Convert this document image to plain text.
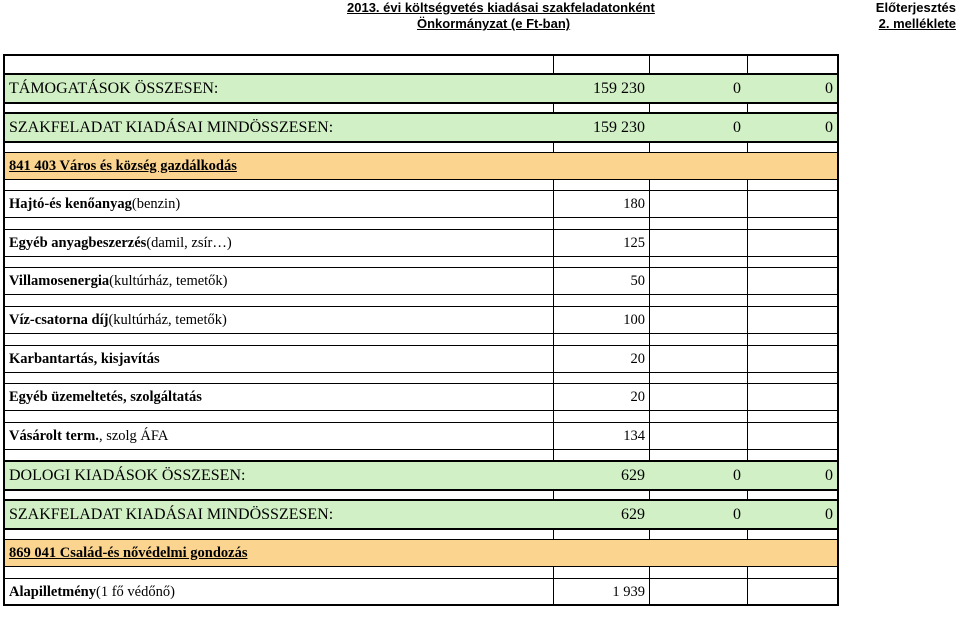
2013. évi költségvetés kiadásai szakfeladatonként
Önkormányzat (e Ft-ban)
Előterjesztés
2. melléklete
TÁMOGATÁSOK ÖSSZESEN:	159 230	0	0
SZAKFELADAT KIADÁSAI MINDÖSSZESEN:	159 230	0	0
841 403 Város és község gazdálkodás
Hajtó-és kenőanyag (benzin)	180
Egyéb anyagbeszerzés (damil, zsír…)	125
Villamosenergia (kultúrház, temetők)	50
Víz-csatorna díj (kultúrház, temetők)	100
Karbantartás, kisjavítás	20
Egyéb üzemeltetés, szolgáltatás	20
Vásárolt term. , szolg ÁFA	134
DOLOGI KIADÁSOK ÖSSZESEN:	629	0	0
SZAKFELADAT KIADÁSAI MINDÖSSZESEN:	629	0	0
869 041 Család-és nővédelmi gondozás
Alapilletmény (1 fő védőnő)	1 939
